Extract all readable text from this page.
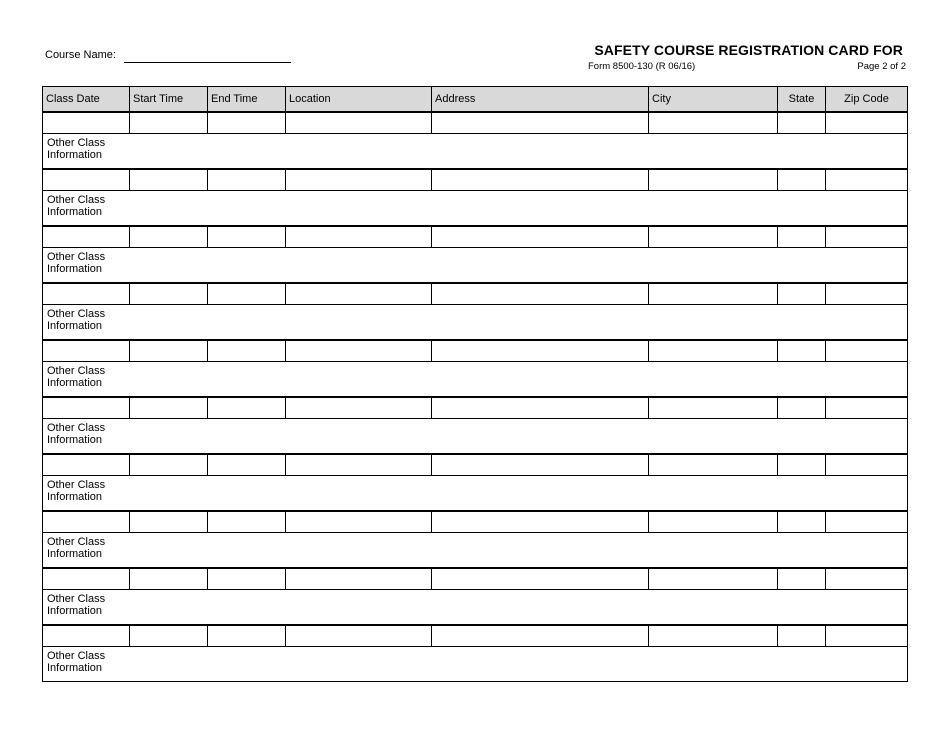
Course Name:	SAFETY COURSE REGISTRATION CARD FOR
Form 8500-130 (R 06/16)	Page 2 of 2
Class Date	Start Time	End Time	Location	Address	City	State	Zip Code

Other Class Information							

Other Class Information							

Other Class Information							

Other Class Information							

Other Class Information							

Other Class Information							

Other Class Information							

Other Class Information							

Other Class Information							

Other Class Information							
